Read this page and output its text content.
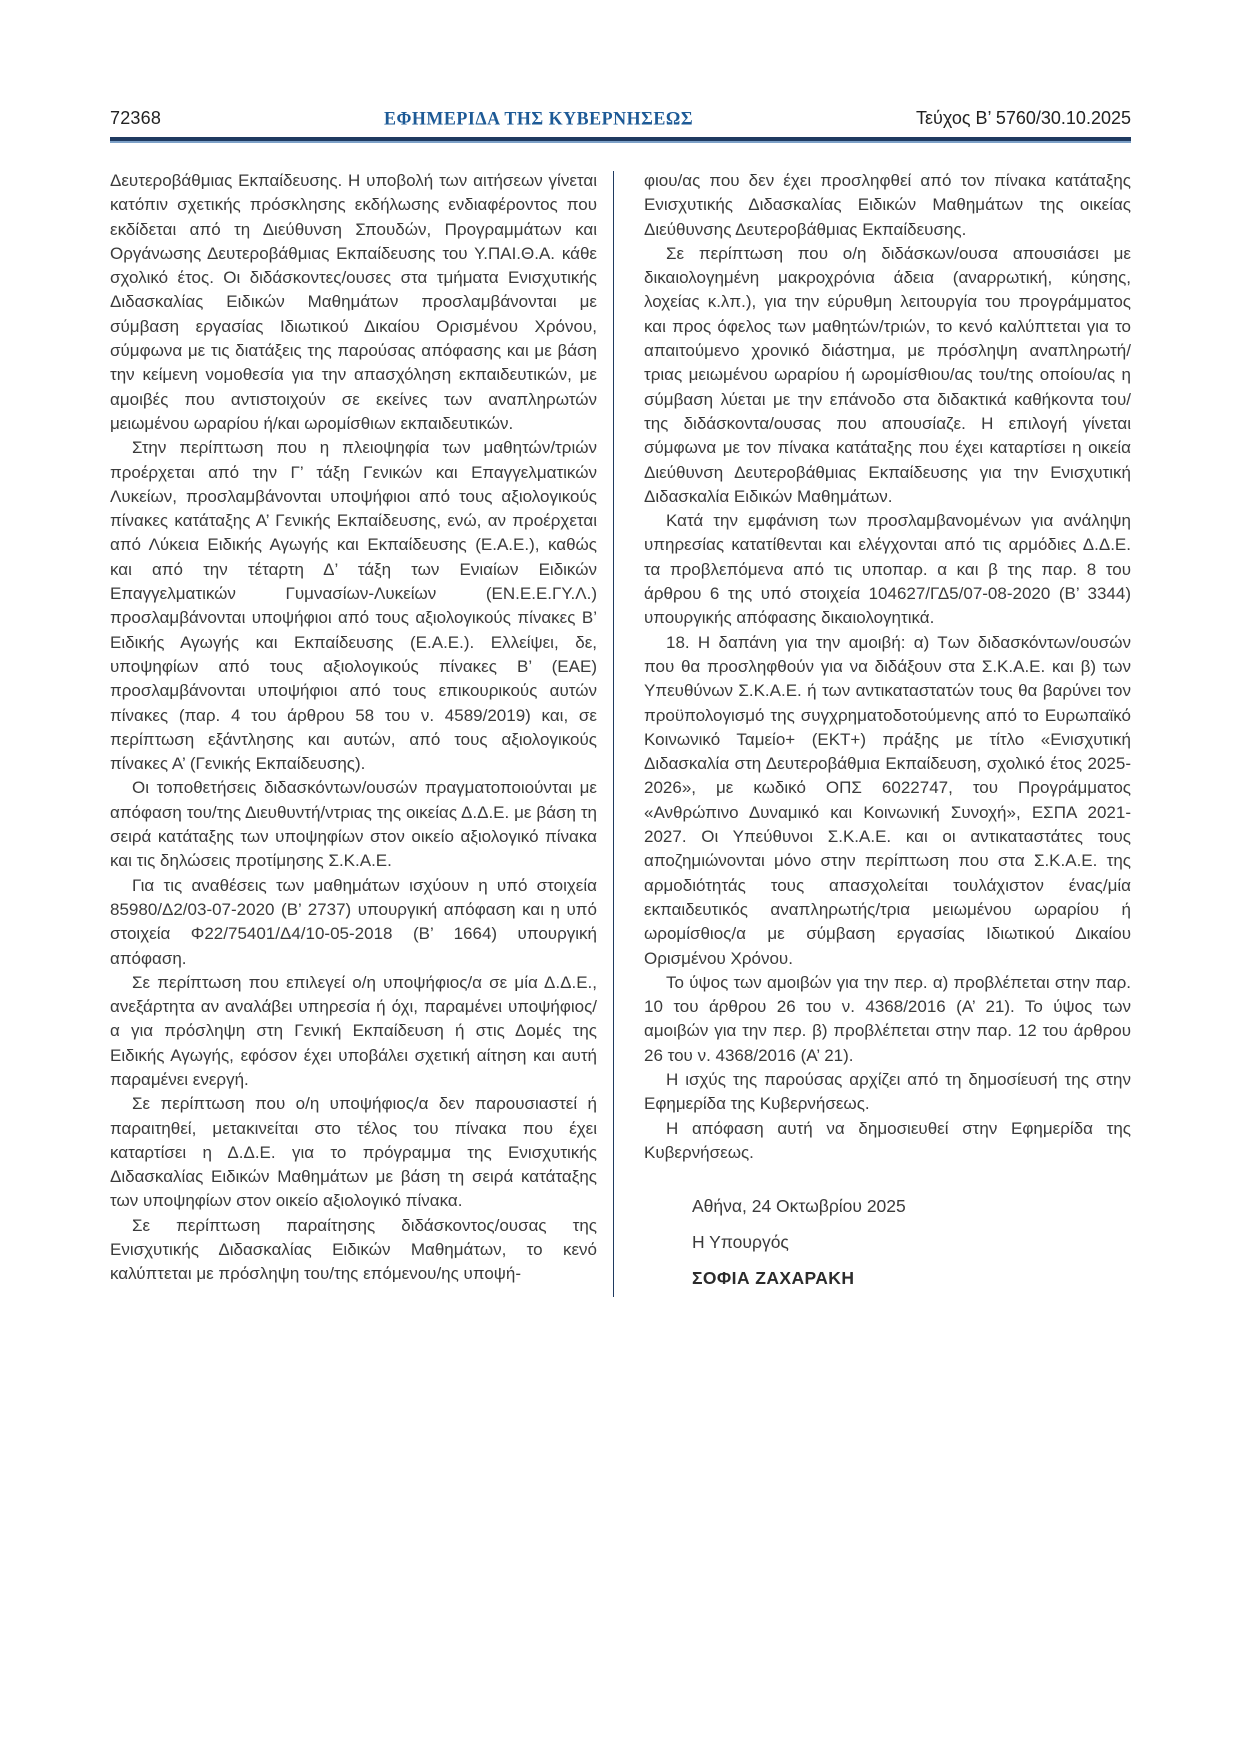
72368	ΕΦΗΜΕΡΙΔΑ ΤΗΣ ΚΥΒΕΡΝΗΣΕΩΣ	Τεύχος Β’ 5760/30.10.2025

Δευτεροβάθμιας Εκπαίδευσης. Η υποβολή των αιτήσεων γίνεται κατόπιν σχετικής πρόσκλησης εκδήλωσης ενδιαφέροντος που εκδίδεται από τη Διεύθυνση Σπουδών, Προγραμμάτων και Οργάνωσης Δευτεροβάθμιας Εκπαίδευσης του Υ.ΠΑΙ.Θ.Α. κάθε σχολικό έτος. Οι διδάσκοντες/ουσες στα τμήματα Ενισχυτικής Διδασκαλίας Ειδικών Μαθημάτων προσλαμβάνονται με σύμβαση εργασίας Ιδιωτικού Δικαίου Ορισμένου Χρόνου, σύμφωνα με τις διατάξεις της παρούσας απόφασης και με βάση την κείμενη νομοθεσία για την απασχόληση εκπαιδευτικών, με αμοιβές που αντιστοιχούν σε εκείνες των αναπληρωτών μειωμένου ωραρίου ή/και ωρομίσθιων εκπαιδευτικών.

Στην περίπτωση που η πλειοψηφία των μαθητών/τριών προέρχεται από την Γ’ τάξη Γενικών και Επαγγελματικών Λυκείων, προσλαμβάνονται υποψήφιοι από τους αξιολογικούς πίνακες κατάταξης Α’ Γενικής Εκπαίδευσης, ενώ, αν προέρχεται από Λύκεια Ειδικής Αγωγής και Εκπαίδευσης (Ε.Α.Ε.), καθώς και από την τέταρτη Δ’ τάξη των Ενιαίων Ειδικών Επαγγελματικών Γυμνασίων-Λυκείων (ΕΝ.Ε.Ε.ΓΥ.Λ.) προσλαμβάνονται υποψήφιοι από τους αξιολογικούς πίνακες Β’ Ειδικής Αγωγής και Εκπαίδευσης (Ε.Α.Ε.). Ελλείψει, δε, υποψηφίων από τους αξιολογικούς πίνακες Β’ (ΕΑΕ) προσλαμβάνονται υποψήφιοι από τους επικουρικούς αυτών πίνακες (παρ. 4 του άρθρου 58 του ν. 4589/2019) και, σε περίπτωση εξάντλησης και αυτών, από τους αξιολογικούς πίνακες Α’ (Γενικής Εκπαίδευσης).

Οι τοποθετήσεις διδασκόντων/ουσών πραγματοποιούνται με απόφαση του/της Διευθυντή/ντριας της οικείας Δ.Δ.Ε. με βάση τη σειρά κατάταξης των υποψηφίων στον οικείο αξιολογικό πίνακα και τις δηλώσεις προτίμησης Σ.Κ.Α.Ε.

Για τις αναθέσεις των μαθημάτων ισχύουν η υπό στοιχεία 85980/Δ2/03-07-2020 (Β’ 2737) υπουργική απόφαση και η υπό στοιχεία Φ22/75401/Δ4/10-05-2018 (Β’ 1664) υπουργική απόφαση.

Σε περίπτωση που επιλεγεί ο/η υποψήφιος/α σε μία Δ.Δ.Ε., ανεξάρτητα αν αναλάβει υπηρεσία ή όχι, παραμένει υποψήφιος/α για πρόσληψη στη Γενική Εκπαίδευση ή στις Δομές της Ειδικής Αγωγής, εφόσον έχει υποβάλει σχετική αίτηση και αυτή παραμένει ενεργή.

Σε περίπτωση που ο/η υποψήφιος/α δεν παρουσιαστεί ή παραιτηθεί, μετακινείται στο τέλος του πίνακα που έχει καταρτίσει η Δ.Δ.Ε. για το πρόγραμμα της Ενισχυτικής Διδασκαλίας Ειδικών Μαθημάτων με βάση τη σειρά κατάταξης των υποψηφίων στον οικείο αξιολογικό πίνακα.

Σε περίπτωση παραίτησης διδάσκοντος/ουσας της Ενισχυτικής Διδασκαλίας Ειδικών Μαθημάτων, το κενό καλύπτεται με πρόσληψη του/της επόμενου/ης υποψή-

φιου/ας που δεν έχει προσληφθεί από τον πίνακα κατάταξης Ενισχυτικής Διδασκαλίας Ειδικών Μαθημάτων της οικείας Διεύθυνσης Δευτεροβάθμιας Εκπαίδευσης.

Σε περίπτωση που ο/η διδάσκων/ουσα απουσιάσει με δικαιολογημένη μακροχρόνια άδεια (αναρρωτική, κύησης, λοχείας κ.λπ.), για την εύρυθμη λειτουργία του προγράμματος και προς όφελος των μαθητών/τριών, το κενό καλύπτεται για το απαιτούμενο χρονικό διάστημα, με πρόσληψη αναπληρωτή/τριας μειωμένου ωραρίου ή ωρομίσθιου/ας του/της οποίου/ας η σύμβαση λύεται με την επάνοδο στα διδακτικά καθήκοντα του/της διδάσκοντα/ουσας που απουσίαζε. Η επιλογή γίνεται σύμφωνα με τον πίνακα κατάταξης που έχει καταρτίσει η οικεία Διεύθυνση Δευτεροβάθμιας Εκπαίδευσης για την Ενισχυτική Διδασκαλία Ειδικών Μαθημάτων.

Κατά την εμφάνιση των προσλαμβανομένων για ανάληψη υπηρεσίας κατατίθενται και ελέγχονται από τις αρμόδιες Δ.Δ.Ε. τα προβλεπόμενα από τις υποπαρ. α και β της παρ. 8 του άρθρου 6 της υπό στοιχεία 104627/ΓΔ5/07-08-2020 (Β’ 3344) υπουργικής απόφασης δικαιολογητικά.

18. Η δαπάνη για την αμοιβή: α) Των διδασκόντων/ουσών που θα προσληφθούν για να διδάξουν στα Σ.Κ.Α.Ε. και β) των Υπευθύνων Σ.Κ.Α.Ε. ή των αντικαταστατών τους θα βαρύνει τον προϋπολογισμό της συγχρηματοδοτούμενης από το Ευρωπαϊκό Κοινωνικό Ταμείο+ (ΕΚΤ+) πράξης με τίτλο «Ενισχυτική Διδασκαλία στη Δευτεροβάθμια Εκπαίδευση, σχολικό έτος 2025-2026», με κωδικό ΟΠΣ 6022747, του Προγράμματος «Ανθρώπινο Δυναμικό και Κοινωνική Συνοχή», ΕΣΠΑ 2021-2027. Οι Υπεύθυνοι Σ.Κ.Α.Ε. και οι αντικαταστάτες τους αποζημιώνονται μόνο στην περίπτωση που στα Σ.Κ.Α.Ε. της αρμοδιότητάς τους απασχολείται τουλάχιστον ένας/μία εκπαιδευτικός αναπληρωτής/τρια μειωμένου ωραρίου ή ωρομίσθιος/α με σύμβαση εργασίας Ιδιωτικού Δικαίου Ορισμένου Χρόνου.

Το ύψος των αμοιβών για την περ. α) προβλέπεται στην παρ. 10 του άρθρου 26 του ν. 4368/2016 (Α’ 21). Το ύψος των αμοιβών για την περ. β) προβλέπεται στην παρ. 12 του άρθρου 26 του ν. 4368/2016 (Α’ 21).

Η ισχύς της παρούσας αρχίζει από τη δημοσίευσή της στην Εφημερίδα της Κυβερνήσεως.

Η απόφαση αυτή να δημοσιευθεί στην Εφημερίδα της Κυβερνήσεως.

Αθήνα, 24 Οκτωβρίου 2025

Η Υπουργός

ΣΟΦΙΑ ΖΑΧΑΡΑΚΗ
